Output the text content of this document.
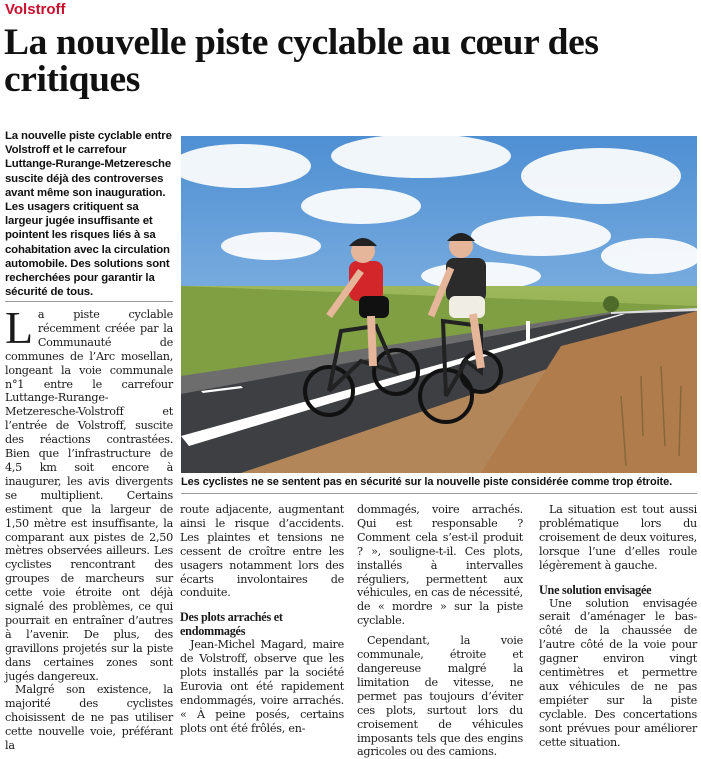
Volstroff
La nouvelle piste cyclable au cœur des critiques
La nouvelle piste cyclable entre Volstroff et le carrefour Luttange-Rurange-Metzeresche suscite déjà des controverses avant même son inauguration. Les usagers critiquent sa largeur jugée insuffisante et pointent les risques liés à sa cohabitation avec la circulation automobile. Des solutions sont recherchées pour garantir la sécurité de tous.

La piste cyclable récemment créée par la Communauté de communes de l’Arc mosellan, longeant la voie communale n°1 entre le carrefour Luttange-Rurange-Metzeresche-Volstroff et l’entrée de Volstroff, suscite des réactions contrastées. Bien que l’infrastructure de 4,5 km soit encore à inaugurer, les avis divergents se multiplient. Certains estiment que la largeur de 1,50 mètre est insuffisante, la comparant aux pistes de 2,50 mètres observées ailleurs. Les cyclistes rencontrant des groupes de marcheurs sur cette voie étroite ont déjà signalé des problèmes, ce qui pourrait en entraîner d’autres à l’avenir. De plus, des gravillons projetés sur la piste dans certaines zones sont jugés dangereux.

Malgré son existence, la majorité des cyclistes choisissent de ne pas utiliser cette nouvelle voie, préférant la

Les cyclistes ne se sentent pas en sécurité sur la nouvelle piste considérée comme trop étroite.

route adjacente, augmentant ainsi le risque d’accidents. Les plaintes et tensions ne cessent de croître entre les usagers notamment lors des écarts involontaires de conduite.

Des plots arrachés et endommagés

Jean-Michel Magard, maire de Volstroff, observe que les plots installés par la société Eurovia ont été rapidement endommagés, voire arrachés. « À peine posés, certains plots ont été frôlés, en-

dommagés, voire arrachés. Qui est responsable ? Comment cela s’est-il produit ? », souligne-t-il. Ces plots, installés à intervalles réguliers, permettent aux véhicules, en cas de nécessité, de « mordre » sur la piste cyclable.

Cependant, la voie communale, étroite et dangereuse malgré la limitation de vitesse, ne permet pas toujours d’éviter ces plots, surtout lors du croisement de véhicules imposants tels que des engins agricoles ou des camions.

La situation est tout aussi problématique lors du croisement de deux voitures, lorsque l’une d’elles roule légèrement à gauche.

Une solution envisagée

Une solution envisagée serait d’aménager le bas-côté de la chaussée de l’autre côté de la voie pour gagner environ vingt centimètres et permettre aux véhicules de ne pas empiéter sur la piste cyclable. Des concertations sont prévues pour améliorer cette situation.
